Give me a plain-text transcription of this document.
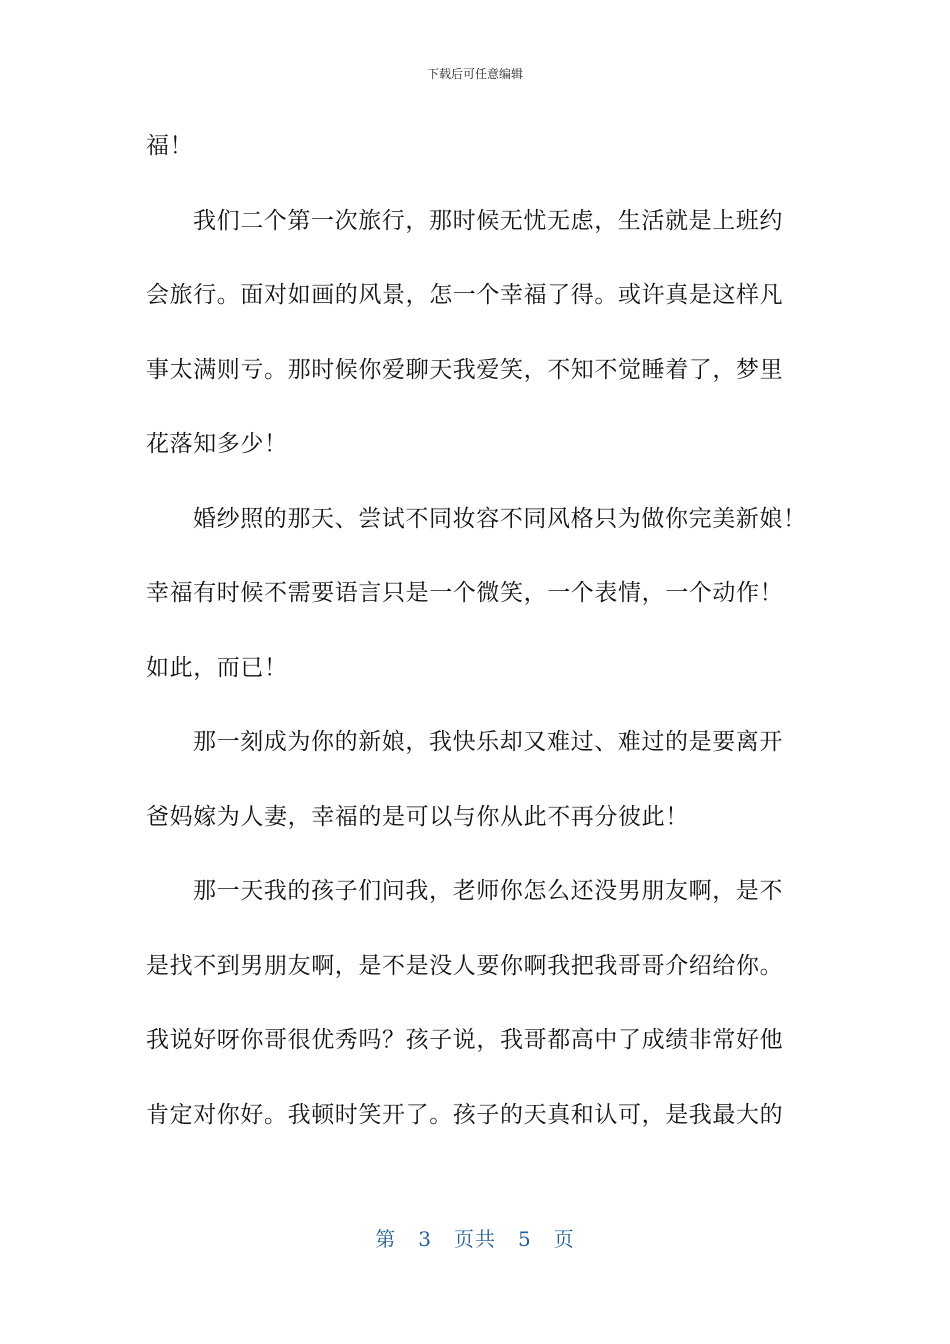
下载后可任意编辑
福！
我们二个第一次旅行，那时候无忧无虑，生活就是上班约
会旅行。面对如画的风景，怎一个幸福了得。或许真是这样凡
事太满则亏。那时候你爱聊天我爱笑，不知不觉睡着了，梦里
花落知多少！
婚纱照的那天、尝试不同妆容不同风格只为做你完美新娘！
幸福有时候不需要语言只是一个微笑，一个表情，一个动作！
如此，而已！
那一刻成为你的新娘，我快乐却又难过、难过的是要离开
爸妈嫁为人妻，幸福的是可以与你从此不再分彼此！
那一天我的孩子们问我，老师你怎么还没男朋友啊，是不
是找不到男朋友啊，是不是没人要你啊我把我哥哥介绍给你。
我说好呀你哥很优秀吗？孩子说，我哥都高中了成绩非常好他
肯定对你好。我顿时笑开了。孩子的天真和认可，是我最大的
第 3 页共 5 页
